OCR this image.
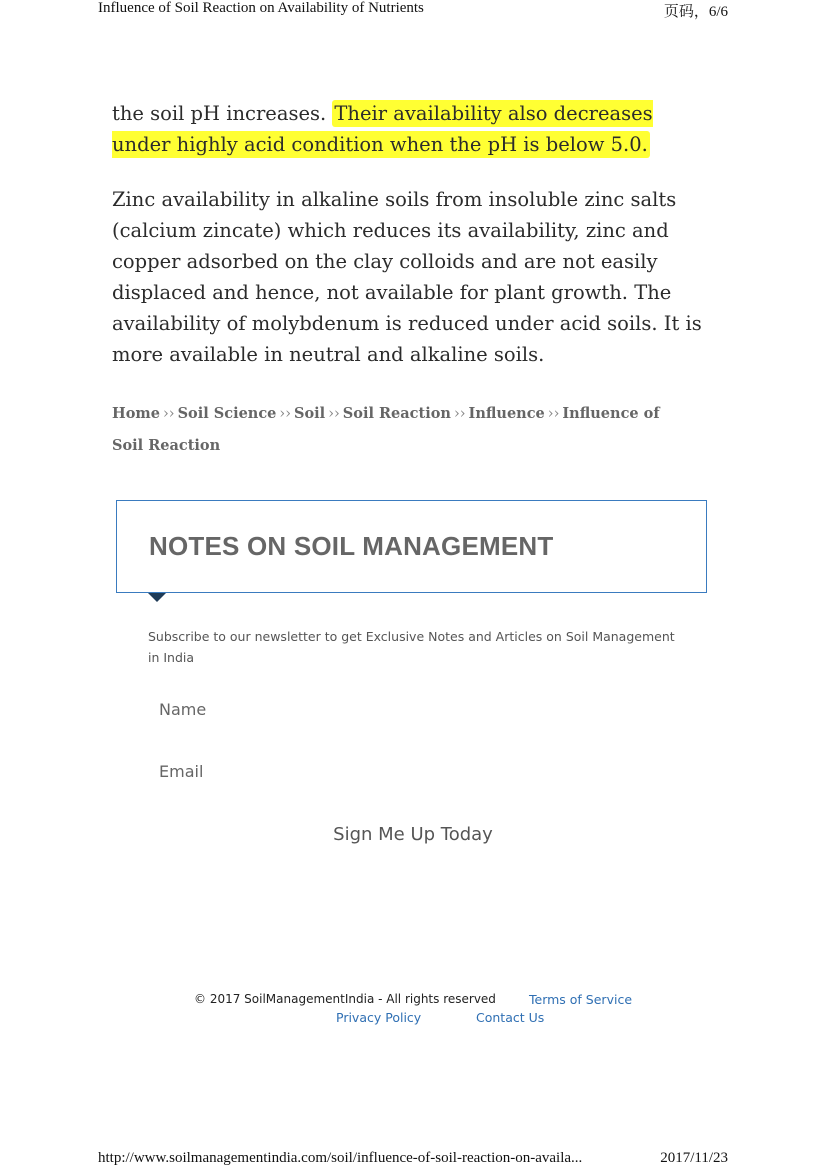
Influence of Soil Reaction on Availability of Nutrients	页码，6/6

the soil pH increases. Their availability also decreases under highly acid condition when the pH is below 5.0.

Zinc availability in alkaline soils from insoluble zinc salts (calcium zincate) which reduces its availability, zinc and copper adsorbed on the clay colloids and are not easily displaced and hence, not available for plant growth. The availability of molybdenum is reduced under acid soils. It is more available in neutral and alkaline soils.

Home ›› Soil Science ›› Soil ›› Soil Reaction ›› Influence ›› Influence of Soil Reaction
NOTES ON SOIL MANAGEMENT
Subscribe to our newsletter to get Exclusive Notes and Articles on Soil Management in India
Name
Email
Sign Me Up Today
© 2017 SoilManagementIndia - All rights reserved	Terms of Service
Privacy Policy	Contact Us
http://www.soilmanagementindia.com/soil/influence-of-soil-reaction-on-availa...	2017/11/23
